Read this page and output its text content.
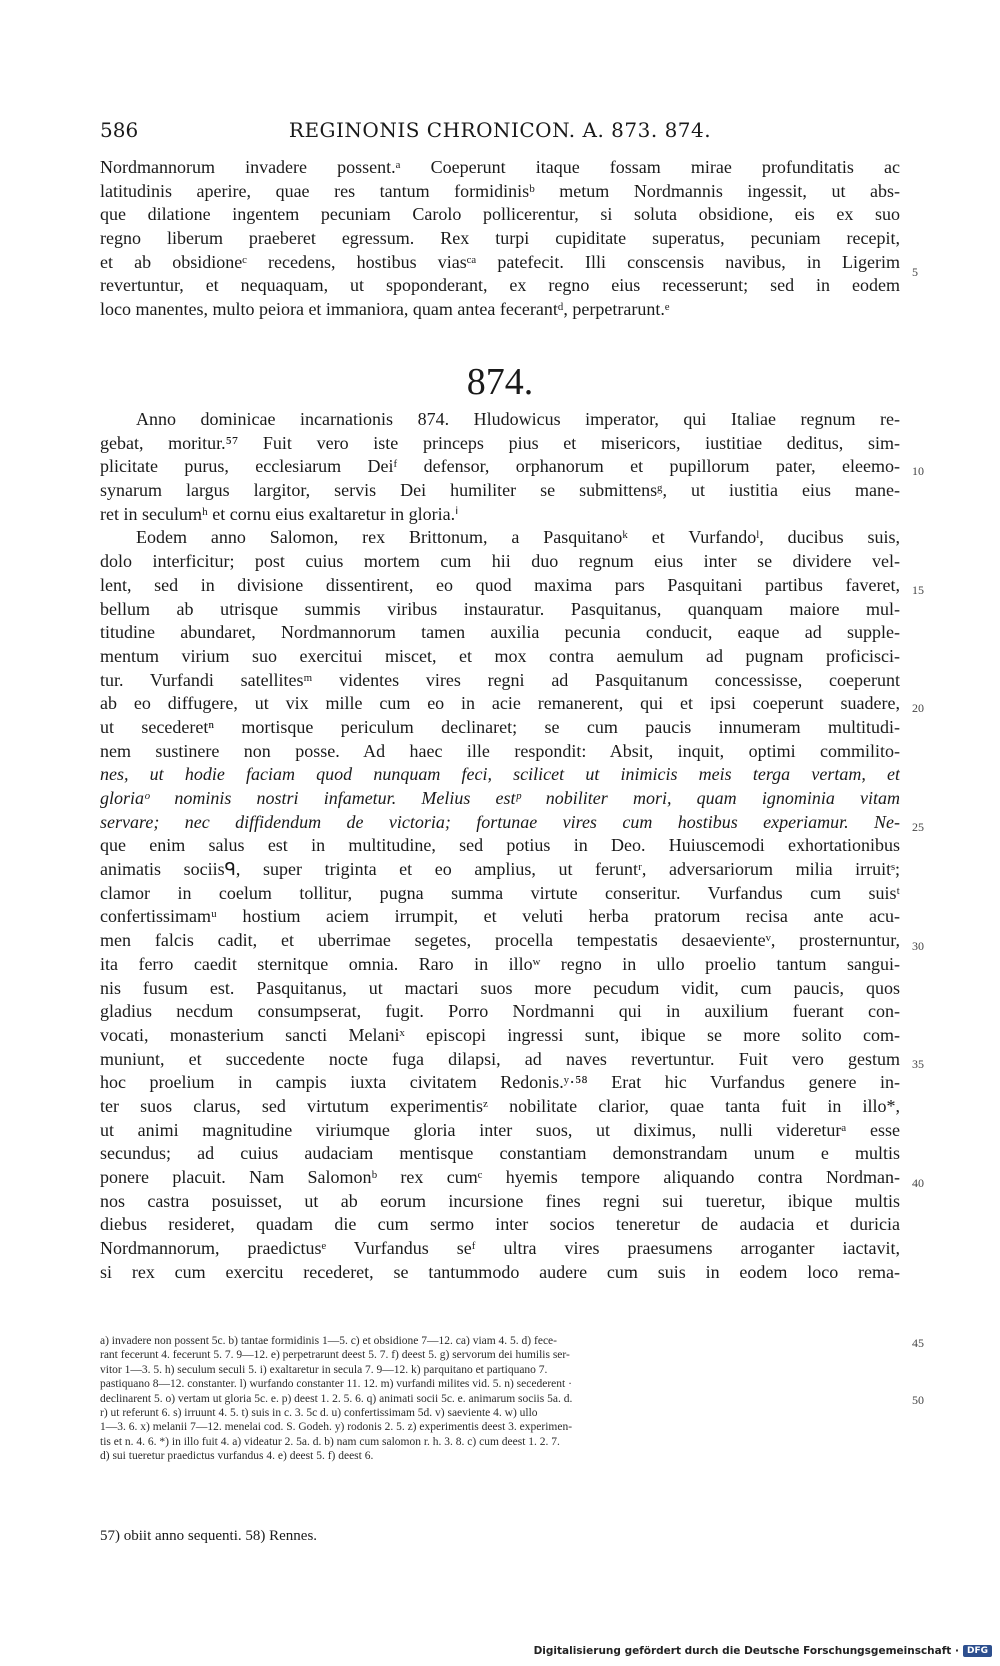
586	REGINONIS CHRONICON. A. 873. 874.
Nordmannorum invadere possent.ᵃ Coeperunt itaque fossam mirae profunditatis ac
latitudinis aperire, quae res tantum formidinisᵇ metum Nordmannis ingessit, ut abs-
que dilatione ingentem pecuniam Carolo pollicerentur, si soluta obsidione, eis ex suo
regno liberum praeberet egressum. Rex turpi cupiditate superatus, pecuniam recepit,
et ab obsidioneᶜ recedens, hostibus viasᶜᵃ patefecit. Illi conscensis navibus, in Ligerim
revertuntur, et nequaquam, ut spoponderant, ex regno eius recesserunt; sed in eodem
loco manentes, multo peiora et immaniora, quam antea fecerantᵈ, perpetrarunt.ᵉ
874.
Anno dominicae incarnationis 874. Hludowicus imperator, qui Italiae regnum re-
gebat, moritur.⁵⁷ Fuit vero iste princeps pius et misericors, iustitiae deditus, sim-
plicitate purus, ecclesiarum Deiᶠ defensor, orphanorum et pupillorum pater, eleemo-
synarum largus largitor, servis Dei humiliter se submittensᵍ, ut iustitia eius mane-
ret in seculumʰ et cornu eius exaltaretur in gloria.ⁱ
Eodem anno Salomon, rex Brittonum, a Pasquitanoᵏ et Vurfandoˡ, ducibus suis,
dolo interficitur; post cuius mortem cum hii duo regnum eius inter se dividere vel-
lent, sed in divisione dissentirent, eo quod maxima pars Pasquitani partibus faveret,
bellum ab utrisque summis viribus instauratur. Pasquitanus, quanquam maiore mul-
titudine abundaret, Nordmannorum tamen auxilia pecunia conducit, eaque ad supple-
mentum virium suo exercitui miscet, et mox contra aemulum ad pugnam proficisci-
tur. Vurfandi satellitesᵐ videntes vires regni ad Pasquitanum concessisse, coeperunt
ab eo diffugere, ut vix mille cum eo in acie remanerent, qui et ipsi coeperunt suadere,
ut secederetⁿ mortisque periculum declinaret; se cum paucis innumeram multitudi-
nem sustinere non posse. Ad haec ille respondit: Absit, inquit, optimi commilito-
nes, ut hodie faciam quod nunquam feci, scilicet ut inimicis meis terga vertam, et
gloriaᵒ nominis nostri infametur. Melius estᵖ nobiliter mori, quam ignominia vitam
servare; nec diffidendum de victoria; fortunae vires cum hostibus experiamur. Ne-
que enim salus est in multitudine, sed potius in Deo. Huiuscemodi exhortationibus
animatis sociisᑫ, super triginta et eo amplius, ut feruntʳ, adversariorum milia irruitˢ;
clamor in coelum tollitur, pugna summa virtute conseritur. Vurfandus cum suisᵗ
confertissimamᵘ hostium aciem irrumpit, et veluti herba pratorum recisa ante acu-
men falcis cadit, et uberrimae segetes, procella tempestatis desaevienteᵛ, prosternuntur,
ita ferro caedit sternitque omnia. Raro in illoʷ regno in ullo proelio tantum sangui-
nis fusum est. Pasquitanus, ut mactari suos more pecudum vidit, cum paucis, quos
gladius necdum consumpserat, fugit. Porro Nordmanni qui in auxilium fuerant con-
vocati, monasterium sancti Melaniˣ episcopi ingressi sunt, ibique se more solito com-
muniunt, et succedente nocte fuga dilapsi, ad naves revertuntur. Fuit vero gestum
hoc proelium in campis iuxta civitatem Redonis.ʸ·⁵⁸ Erat hic Vurfandus genere in-
ter suos clarus, sed virtutum experimentisᶻ nobilitate clarior, quae tanta fuit in illo*,
ut animi magnitudine viriumque gloria inter suos, ut diximus, nulli videreturᵃ esse
secundus; ad cuius audaciam mentisque constantiam demonstrandam unum e multis
ponere placuit. Nam Salomonᵇ rex cumᶜ hyemis tempore aliquando contra Nordman-
nos castra posuisset, ut ab eorum incursione fines regni sui tueretur, ibique multis
diebus resideret, quadam die cum sermo inter socios teneretur de audacia et duricia
Nordmannorum, praedictusᵉ Vurfandus seᶠ ultra vires praesumens arroganter iactavit,
si rex cum exercitu recederet, se tantummodo audere cum suis in eodem loco rema-
5
10
15
20
25
30
35
40
45
50
a) invadere non possent 5c. b) tantae formidinis 1—5. c) et obsidione 7—12. ca) viam 4. 5. d) fece-
rant fecerunt 4. fecerunt 5. 7. 9—12. e) perpetrarunt deest 5. 7. f) deest 5. g) servorum dei humilis ser-
vitor 1—3. 5. h) seculum seculi 5. i) exaltaretur in secula 7. 9—12. k) parquitano et partiquano 7.
pastiquano 8—12. constanter. l) wurfando constanter 11. 12. m) vurfandi milites vid. 5. n) secederent ·
declinarent 5. o) vertam ut gloria 5c. e. p) deest 1. 2. 5. 6. q) animati socii 5c. e. animarum sociis 5a. d.
r) ut referunt 6. s) irruunt 4. 5. t) suis in c. 3. 5c d. u) confertissimam 5d. v) saeviente 4. w) ullo
1—3. 6. x) melanii 7—12. menelai cod. S. Godeh. y) rodonis 2. 5. z) experimentis deest 3. experimen-
tis et n. 4. 6. *) in illo fuit 4. a) videatur 2. 5a. d. b) nam cum salomon r. h. 3. 8. c) cum deest 1. 2. 7.
d) sui tueretur praedictus vurfandus 4. e) deest 5. f) deest 6.
57) obiit anno sequenti. 58) Rennes.
Digitalisierung gefördert durch die Deutsche Forschungsgemeinschaft · DFG
